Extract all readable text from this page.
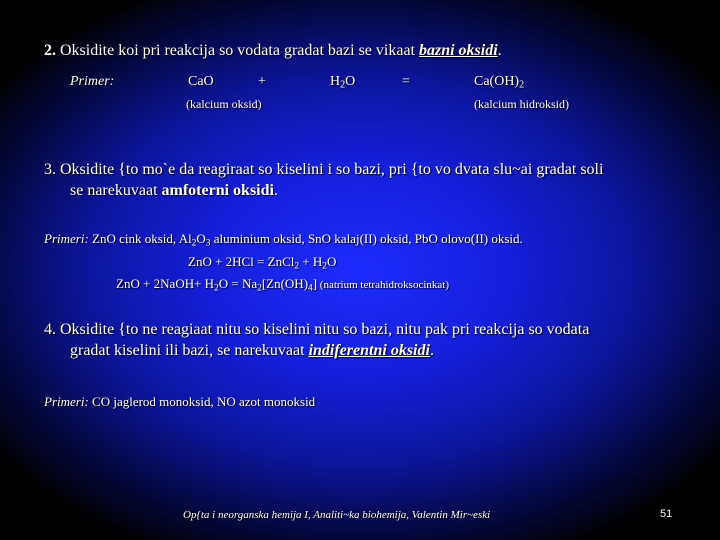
2. Oksidite koi pri reakcija so vodata gradat bazi se vikaat bazni oksidi.
Primer:	CaO	+	$H_2O$	=	$Ca(OH)_2$
(kalcium oksid)	(kalcium hidroksid)
3. Oksidite {to mo`e da reagiraat so kiselini i so bazi, pri {to vo dvata slu~ai gradat soli
se narekuvaat amfoterni oksidi.
Primeri: ZnO cink oksid, $Al_2O_3$ aluminium oksid, SnO kalaj(II) oksid, PbO olovo(II) oksid.
ZnO + 2HCl = ZnCl$_2$ + $H_2O$
ZnO + 2NaOH+ $H_2O = Na_2[Zn(OH)_4]$ (natrium tetrahidroksocinkat)
4. Oksidite {to ne reagiaat nitu so kiselini nitu so bazi, nitu pak pri reakcija so vodata
gradat kiselini ili bazi, se narekuvaat indiferentni oksidi.
Primeri: CO jaglerod monoksid, NO azot monoksid
Op{ta i neorganska hemija I, Analiti~ka biohemija, Valentin Mir~eski	51
